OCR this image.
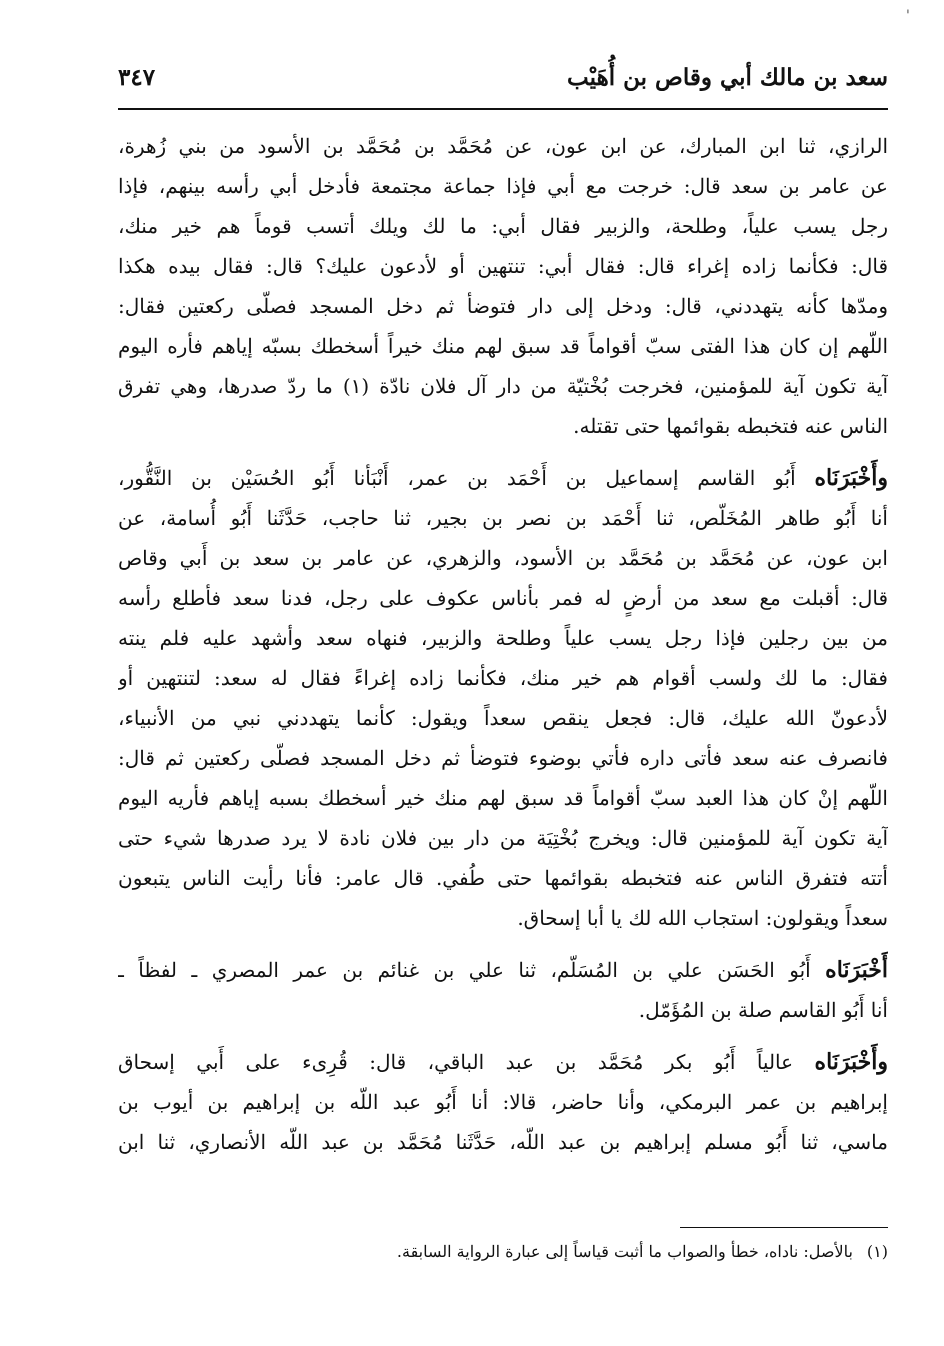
'
سعد بن مالك أبي وقاص بن أُهَيْب
٣٤٧
الرازي، ثنا ابن المبارك، عن ابن عون، عن مُحَمَّد بن مُحَمَّد بن الأسود من بني زُهرة،
عن عامر بن سعد قال: خرجت مع أبي فإذا جماعة مجتمعة فأدخل أبي رأسه بينهم، فإذا
رجل يسب علياً، وطلحة، والزبير فقال أبي: ما لك ويلك أتسب قوماً هم خير منك،
قال: فكأنما زاده إغراء قال: فقال أبي: تنتهين أو لأدعون عليك؟ قال: فقال بيده هكذا
ومدّها كأنه يتهددني، قال: ودخل إلى دار فتوضأ ثم دخل المسجد فصلّى ركعتين فقال:
اللّهم إن كان هذا الفتى سبّ أقواماً قد سبق لهم منك خيراً أسخطك بسبّه إياهم فأره اليوم
آية تكون آية للمؤمنين، فخرجت بُخْتيّة من دار آل فلان نادّة (١) ما ردّ صدرها، وهي تفرق
الناس عنه فتخبطه بقوائمها حتى تقتله.
وأَخْبَرَنَاه أَبُو القاسم إسماعيل بن أَحْمَد بن عمر، أَنْبَأنا أَبُو الحُسَيْن بن النَّقُّور،
أنا أَبُو طاهر المُخَلّص، ثنا أَحْمَد بن نصر بن بجير، ثنا حاجب، حَدَّثَنا أَبُو أُسامة، عن
ابن عون، عن مُحَمَّد بن مُحَمَّد بن الأسود، والزهري، عن عامر بن سعد بن أَبي وقاص
قال: أقبلت مع سعد من أرضٍ له فمر بأناس عكوف على رجل، فدنا سعد فأطلع رأسه
من بين رجلين فإذا رجل يسب علياً وطلحة والزبير، فنهاه سعد وأشهد عليه فلم ينته
فقال: ما لك ولسب أقوام هم خير منك، فكأنما زاده إغراءً فقال له سعد: لتنتهين أو
لأدعونّ الله عليك، قال: فجعل ينقص سعداً ويقول: كأنما يتهددني نبي من الأنبياء،
فانصرف عنه سعد فأتى داره فأتي بوضوء فتوضأ ثم دخل المسجد فصلّى ركعتين ثم قال:
اللّهم إنْ كان هذا العبد سبّ أقواماً قد سبق لهم منك خير أسخطك بسبه إياهم فأريه اليوم
آية تكون آية للمؤمنين قال: ويخرج بُخْتِيَة من دار بين فلان نادة لا يرد صدرها شيء حتى
أتته فتفرق الناس عنه فتخبطه بقوائمها حتى طُفي. قال عامر: فأنا رأيت الناس يتبعون
سعداً ويقولون: استجاب الله لك يا أبا إسحاق.
أَخْبَرَنَاه أَبُو الحَسَن علي بن المُسَلّم، ثنا علي بن غنائم بن عمر المصري ـ لفظاً ـ
أنا أَبُو القاسم صلة بن المُؤَمّل.
وأَخْبَرَنَاه عالياً أَبُو بكر مُحَمَّد بن عبد الباقي، قال: قُرِىء على أَبي إسحاق
إبراهيم بن عمر البرمكي، وأنا حاضر، قالا: أنا أَبُو عبد اللّه بن إبراهيم بن أيوب بن
ماسي، ثنا أَبُو مسلم إبراهيم بن عبد اللّه، حَدَّثَنا مُحَمَّد بن عبد اللّه الأنصاري، ثنا ابن
(١)بالأصل: ناداه، خطأ والصواب ما أثبت قياساً إلى عبارة الرواية السابقة.
